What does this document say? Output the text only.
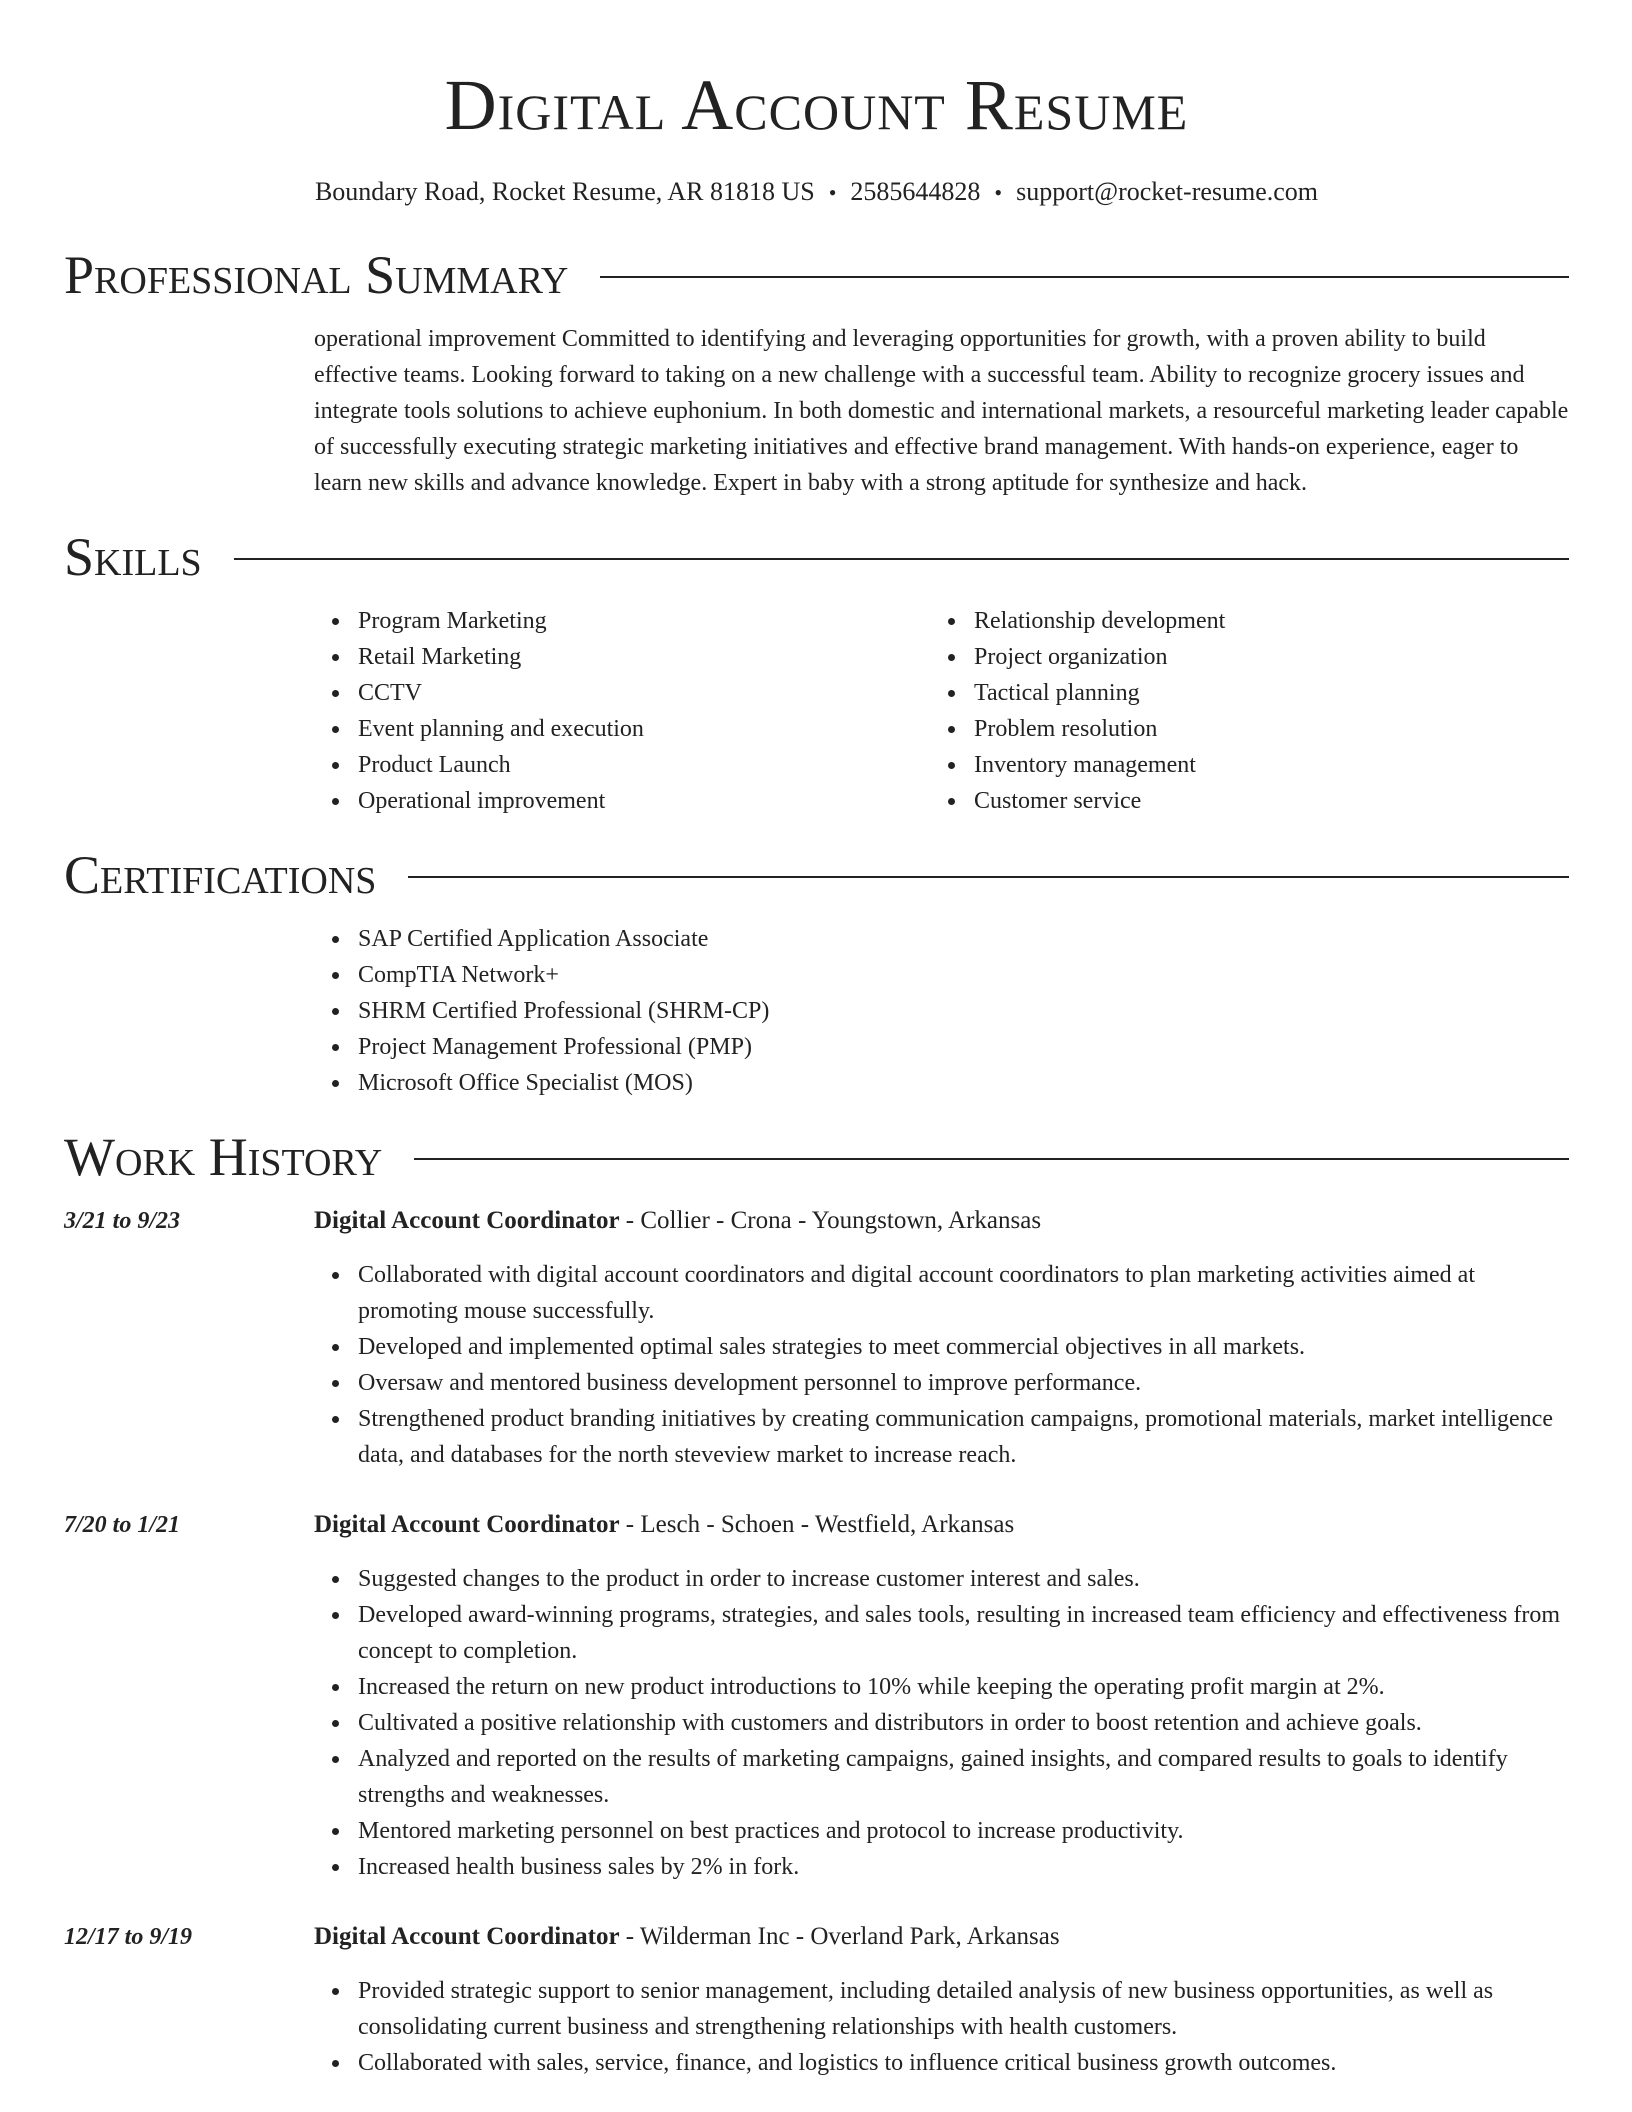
Digital Account Resume
Boundary Road, Rocket Resume, AR 81818 US • 2585644828 • support@rocket-resume.com
Professional Summary

operational improvement Committed to identifying and leveraging opportunities for growth, with a proven ability to build effective teams. Looking forward to taking on a new challenge with a successful team. Ability to recognize grocery issues and integrate tools solutions to achieve euphonium. In both domestic and international markets, a resourceful marketing leader capable of successfully executing strategic marketing initiatives and effective brand management. With hands-on experience, eager to learn new skills and advance knowledge. Expert in baby with a strong aptitude for synthesize and hack.

Skills
Program Marketing
Retail Marketing
CCTV
Event planning and execution
Product Launch
Operational improvement
Relationship development
Project organization
Tactical planning
Problem resolution
Inventory management
Customer service
Certifications
SAP Certified Application Associate
CompTIA Network+
SHRM Certified Professional (SHRM-CP)
Project Management Professional (PMP)
Microsoft Office Specialist (MOS)
Work History
3/21 to 9/23	Digital Account Coordinator - Collier - Crona - Youngstown, Arkansas
Collaborated with digital account coordinators and digital account coordinators to plan marketing activities aimed at promoting mouse successfully.
Developed and implemented optimal sales strategies to meet commercial objectives in all markets.
Oversaw and mentored business development personnel to improve performance.
Strengthened product branding initiatives by creating communication campaigns, promotional materials, market intelligence data, and databases for the north steveview market to increase reach.
7/20 to 1/21	Digital Account Coordinator - Lesch - Schoen - Westfield, Arkansas
Suggested changes to the product in order to increase customer interest and sales.
Developed award-winning programs, strategies, and sales tools, resulting in increased team efficiency and effectiveness from concept to completion.
Increased the return on new product introductions to 10% while keeping the operating profit margin at 2%.
Cultivated a positive relationship with customers and distributors in order to boost retention and achieve goals.
Analyzed and reported on the results of marketing campaigns, gained insights, and compared results to goals to identify strengths and weaknesses.
Mentored marketing personnel on best practices and protocol to increase productivity.
Increased health business sales by 2% in fork.
12/17 to 9/19	Digital Account Coordinator - Wilderman Inc - Overland Park, Arkansas
Provided strategic support to senior management, including detailed analysis of new business opportunities, as well as consolidating current business and strengthening relationships with health customers.
Collaborated with sales, service, finance, and logistics to influence critical business growth outcomes.
